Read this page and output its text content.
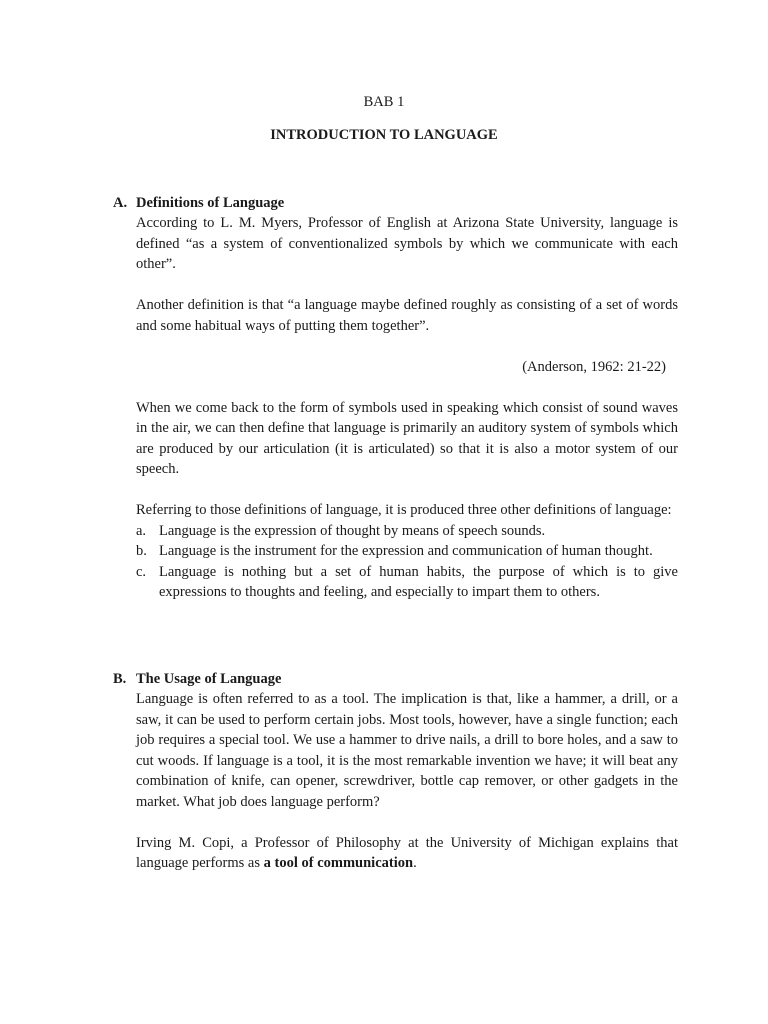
BAB 1
INTRODUCTION TO LANGUAGE
A. Definitions of Language

According to L. M. Myers, Professor of English at Arizona State University, language is defined “as a system of conventionalized symbols by which we communicate with each other”.

Another definition is that “a language maybe defined roughly as consisting of a set of words and some habitual ways of putting them together”.

(Anderson, 1962: 21-22)

When we come back to the form of symbols used in speaking which consist of sound waves in the air, we can then define that language is primarily an auditory system of symbols which are produced by our articulation (it is articulated) so that it is also a motor system of our speech.

Referring to those definitions of language, it is produced three other definitions of language:

a. Language is the expression of thought by means of speech sounds.
b. Language is the instrument for the expression and communication of human thought.
c. Language is nothing but a set of human habits, the purpose of which is to give expressions to thoughts and feeling, and especially to impart them to others.
B. The Usage of Language

Language is often referred to as a tool. The implication is that, like a hammer, a drill, or a saw, it can be used to perform certain jobs. Most tools, however, have a single function; each job requires a special tool. We use a hammer to drive nails, a drill to bore holes, and a saw to cut woods. If language is a tool, it is the most remarkable invention we have; it will beat any combination of knife, can opener, screwdriver, bottle cap remover, or other gadgets in the market. What job does language perform?

Irving M. Copi, a Professor of Philosophy at the University of Michigan explains that language performs as a tool of communication.
